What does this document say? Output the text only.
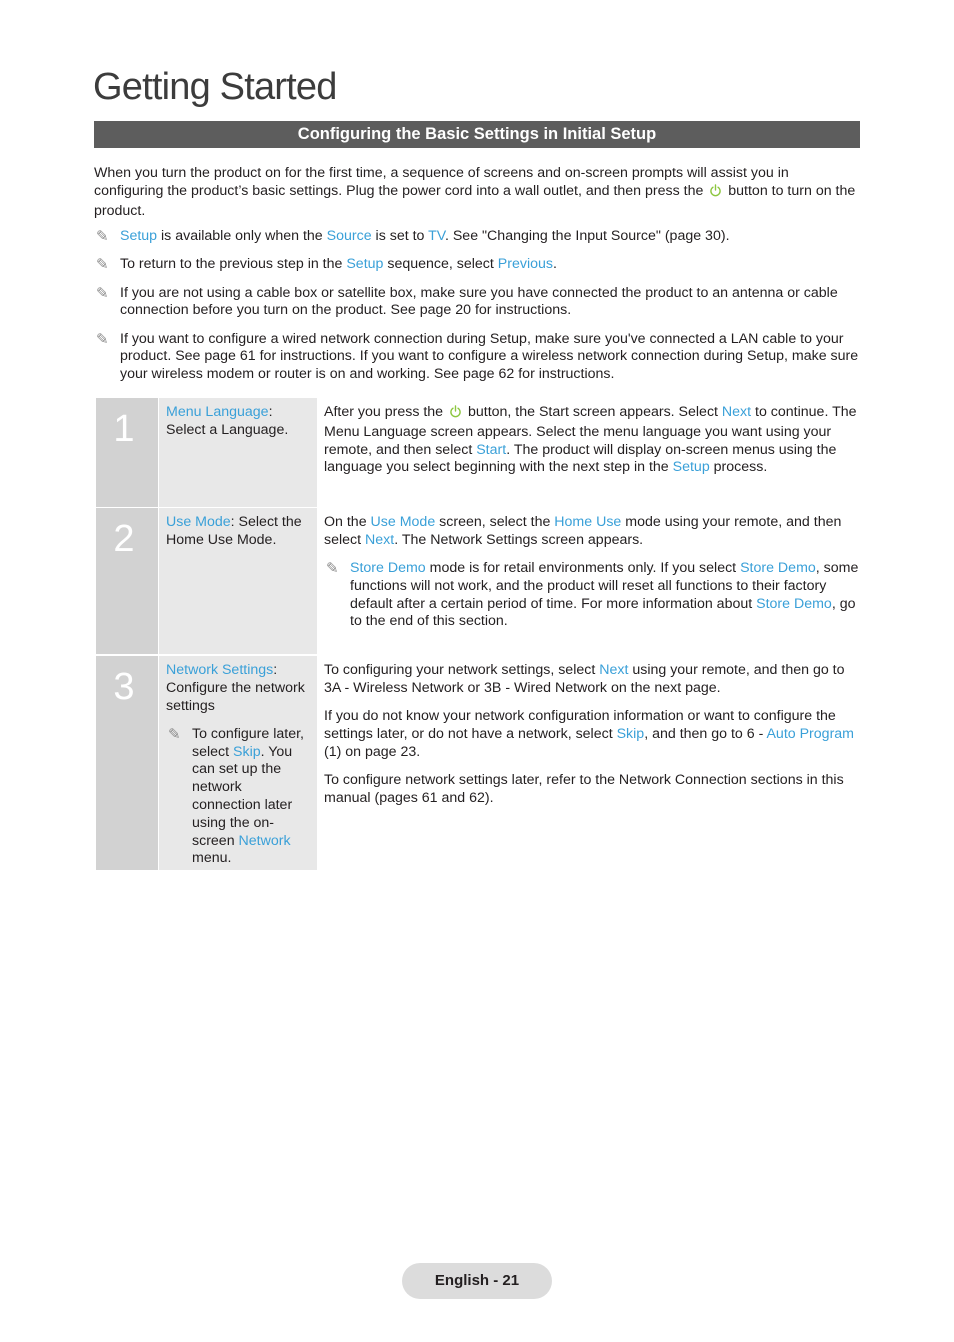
Getting Started
Configuring the Basic Settings in Initial Setup

When you turn the product on for the first time, a sequence of screens and on-screen prompts will assist you in configuring the product’s basic settings. Plug the power cord into a wall outlet, and then press the  button to turn on the product.

✎ Setup is available only when the Source is set to TV. See "Changing the Input Source" (page 30).
✎ To return to the previous step in the Setup sequence, select Previous.
✎ If you are not using a cable box or satellite box, make sure you have connected the product to an antenna or cable connection before you turn on the product. See page 20 for instructions.
✎ If you want to configure a wired network connection during Setup, make sure you've connected a LAN cable to your product. See page 61 for instructions. If you want to configure a wireless network connection during Setup, make sure your wireless modem or router is on and working. See page 62 for instructions.
1	Menu Language: Select a Language.

After you press the  button, the Start screen appears. Select Next to continue. The Menu Language screen appears. Select the menu language you want using your remote, and then select Start. The product will display on-screen menus using the language you select beginning with the next step in the Setup process.

2	Use Mode: Select the Home Use Mode.

On the Use Mode screen, select the Home Use mode using your remote, and then select Next. The Network Settings screen appears.

✎ Store Demo mode is for retail environments only. If you select Store Demo, some functions will not work, and the product will reset all functions to their factory default after a certain period of time. For more information about Store Demo, go to the end of this section.
3	Network Settings: Configure the network settings
✎ To configure later, select Skip. You can set up the network connection later using the on-screen Network menu.

To configuring your network settings, select Next using your remote, and then go to 3A - Wireless Network or 3B - Wired Network on the next page.

If you do not know your network configuration information or want to configure the settings later, or do not have a network, select Skip, and then go to 6 - Auto Program (1) on page 23.

To configure network settings later, refer to the Network Connection sections in this manual (pages 61 and 62).

English - 21
